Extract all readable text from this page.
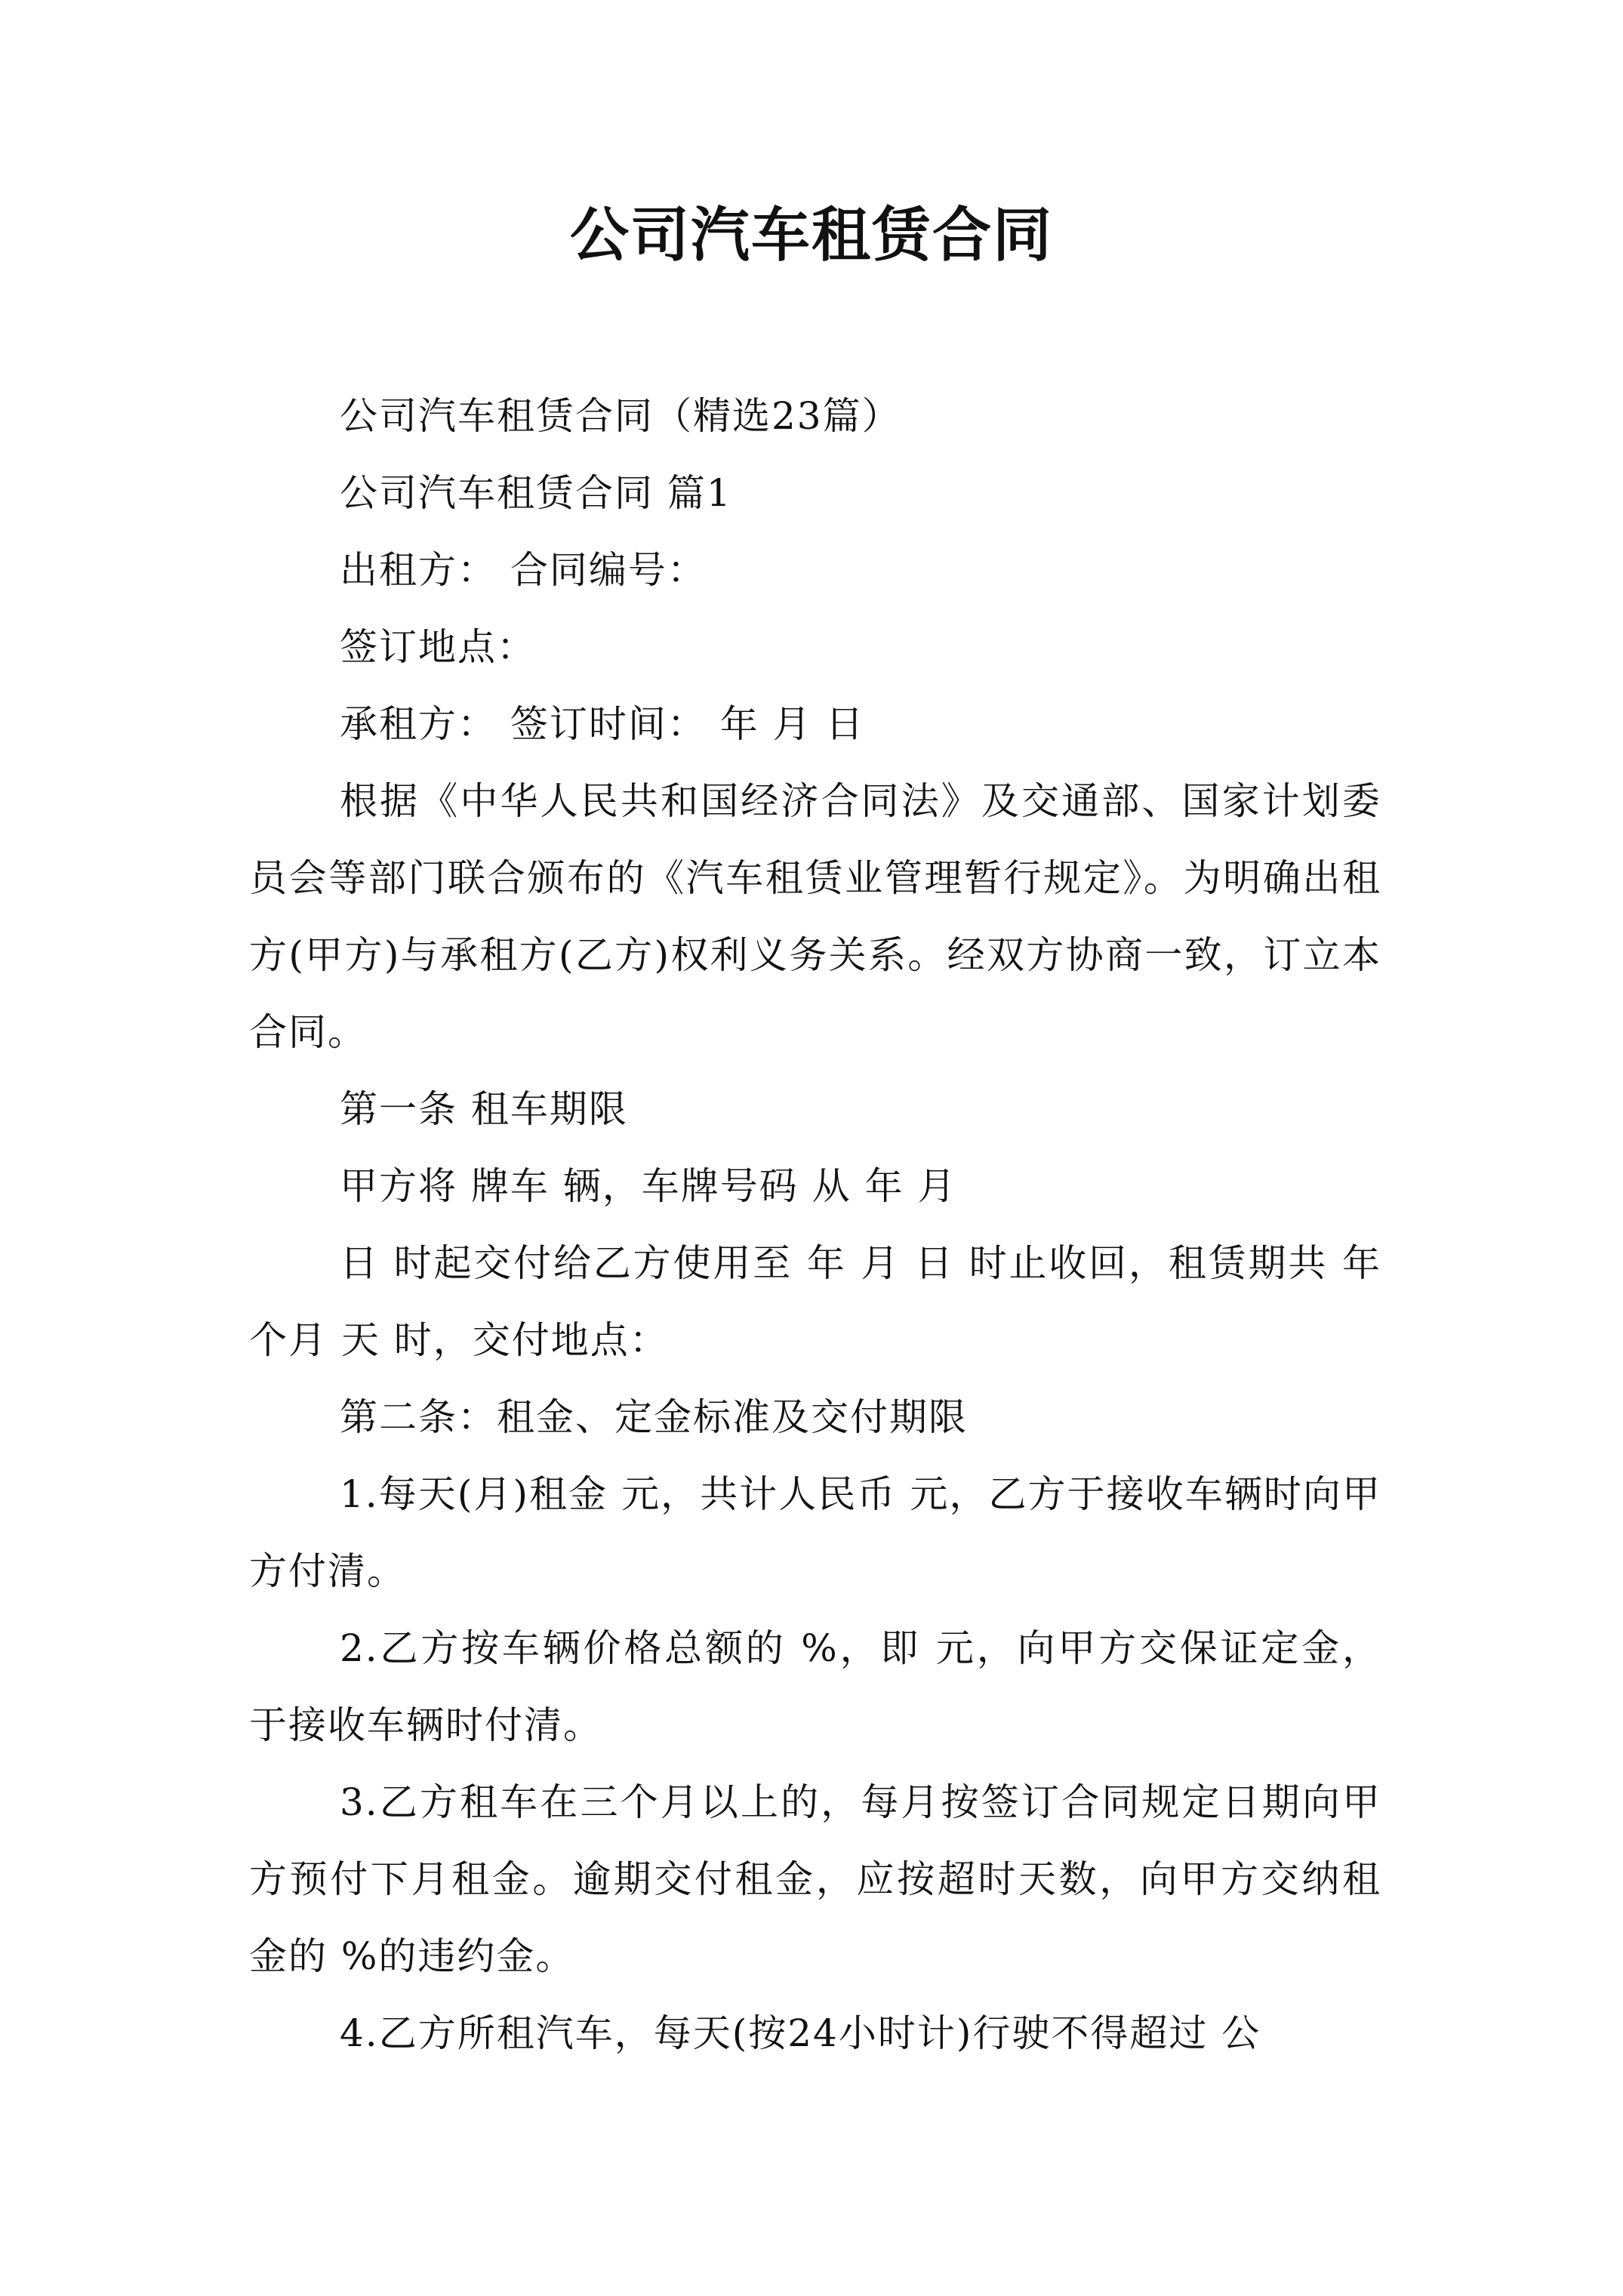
公司汽车租赁合同

公司汽车租赁合同（精选23篇）

公司汽车租赁合同 篇1

出租方： 合同编号：

签订地点：

承租方： 签订时间： 年 月 日

根据《中华人民共和国经济合同法》及交通部、国家计划委员会等部门联合颁布的《汽车租赁业管理暂行规定》。为明确出租方(甲方)与承租方(乙方)权利义务关系。经双方协商一致，订立本合同。

第一条 租车期限

甲方将 牌车 辆，车牌号码 从 年 月

日 时起交付给乙方使用至 年 月 日 时止收回，租赁期共 年 个月 天 时，交付地点：

第二条：租金、定金标准及交付期限

1.每天(月)租金 元，共计人民币 元，乙方于接收车辆时向甲方付清。

2.乙方按车辆价格总额的 %，即 元，向甲方交保证定金，于接收车辆时付清。

3.乙方租车在三个月以上的，每月按签订合同规定日期向甲方预付下月租金。逾期交付租金，应按超时天数，向甲方交纳租金的 %的违约金。

4.乙方所租汽车，每天(按24小时计)行驶不得超过 公
